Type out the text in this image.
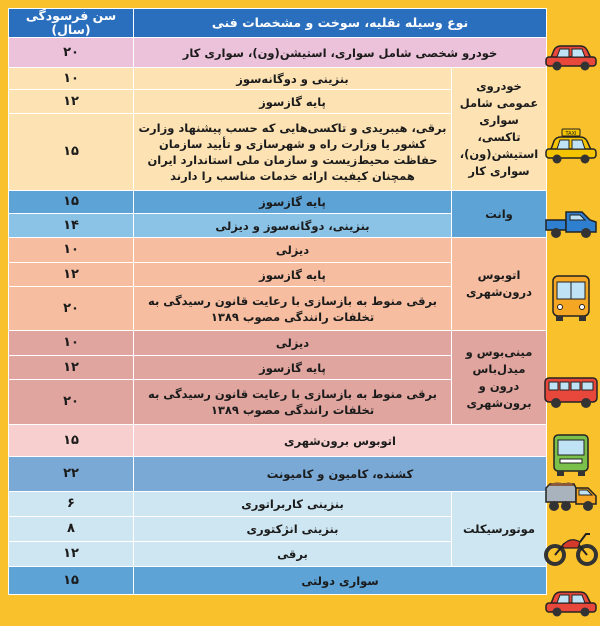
نوع وسیله نقلیه، سوخت و مشخصات فنی		سن فرسودگی (سال)
خودرو شخصی شامل سواری، استیشن(ون)، سواری کار		۲۰
خودروی عمومی شامل سواری تاکسی، استیشن(ون)، سواری کار	بنزینی و دوگانه‌سوز	۱۰
	پایه گازسوز	۱۲
	برقی، هیبریدی و تاکسی‌هایی که حسب پیشنهاد وزارت کشور یا وزارت راه و شهرسازی و تأیید سازمان حفاظت محیط‌زیست و سازمان ملی استاندارد ایران همچنان کیفیت ارائه خدمات مناسب را دارند	۱۵
وانت	پایه گازسوز	۱۵
	بنزینی، دوگانه‌سوز و دیزلی	۱۴
اتوبوس درون‌شهری	دیزلی	۱۰
	پایه گازسوز	۱۲
	برقی منوط به بازسازی با رعایت قانون رسیدگی به تخلفات رانندگی مصوب ۱۳۸۹	۲۰
مینی‌بوس و میدل‌باس درون و برون‌شهری	دیزلی	۱۰
	پایه گازسوز	۱۲
	برقی منوط به بازسازی با رعایت قانون رسیدگی به تخلفات رانندگی مصوب ۱۳۸۹	۲۰
اتوبوس برون‌شهری		۱۵
کشنده، کامیون و کامیونت		۲۲
موتورسیکلت	بنزینی کاربراتوری	۶
	بنزینی انژکتوری	۸
	برقی	۱۲
سواری دولتی		۱۵
TAXI
